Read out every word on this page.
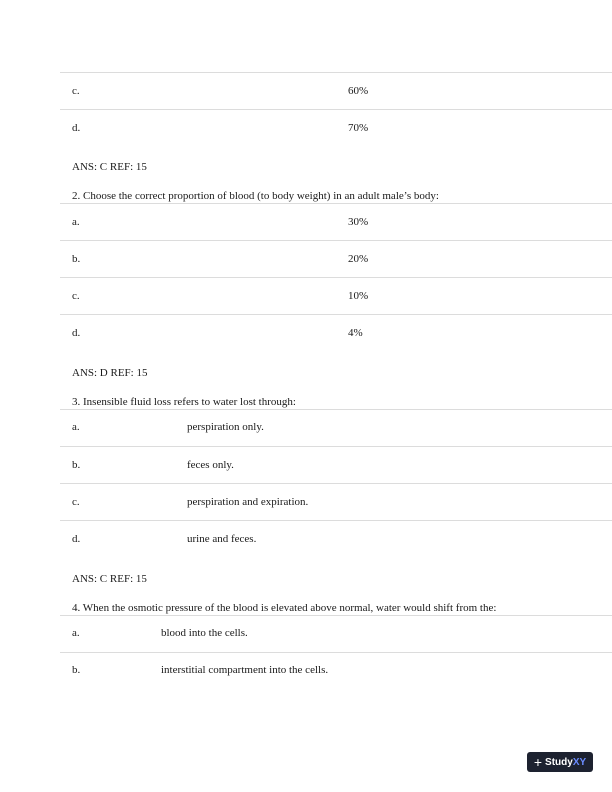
c.	60%
d.	70%
ANS: C REF: 15
2. Choose the correct proportion of blood (to body weight) in an adult male’s body:
a.	30%
b.	20%
c.	10%
d.	4%
ANS: D REF: 15
3. Insensible fluid loss refers to water lost through:
a.	perspiration only.
b.	feces only.
c.	perspiration and expiration.
d.	urine and feces.
ANS: C REF: 15
4. When the osmotic pressure of the blood is elevated above normal, water would shift from the:
a.	blood into the cells.
b.	interstitial compartment into the cells.
+ Study XY
